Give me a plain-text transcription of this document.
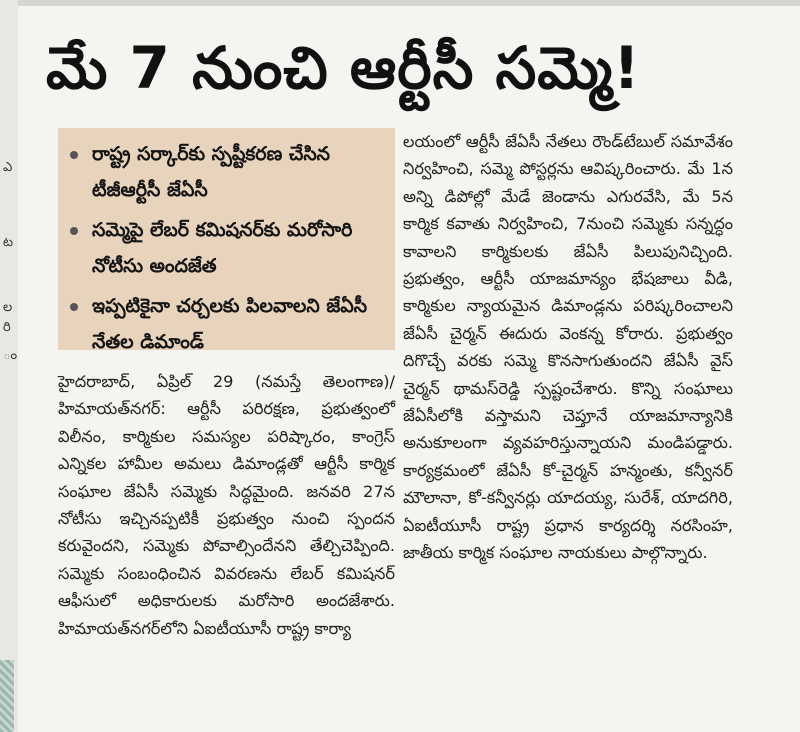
ఎ
ట
ల
రి
ం
మే 7 నుంచి ఆర్టీసీ సమ్మె!
రాష్ట్ర సర్కార్‌కు స్పష్టీకరణ చేసిన టీజీఆర్టీసీ జేఏసీ
సమ్మెపై లేబర్ కమిషనర్‌కు మరోసారి నోటీసు అందజేత
ఇప్పటికైనా చర్చలకు పిలవాలని జేఏసీ నేతల డిమాండ్

హైదరాబాద్, ఏప్రిల్ 29 (నమస్తే తెలంగాణ)/హిమాయత్‌నగర్: ఆర్టీసీ పరిరక్షణ, ప్రభుత్వంలో విలీనం, కార్మికుల సమస్యల పరిష్కారం, కాంగ్రెస్ ఎన్నికల హామీల అమలు డిమాండ్లతో ఆర్టీసీ కార్మిక సంఘాల జేఏసీ సమ్మెకు సిద్ధమైంది. జనవరి 27న నోటీసు ఇచ్చినప్పటికీ ప్రభుత్వం నుంచి స్పందన కరువైందని, సమ్మెకు పోవాల్సిందేనని తేల్చిచెప్పింది. సమ్మెకు సంబంధించిన వివరణను లేబర్ కమిషనర్ ఆఫీసులో అధికారులకు మరోసారి అందజేశారు. హిమాయత్‌నగర్‌లోని ఏఐటీయూసీ రాష్ట్ర కార్యా

లయంలో ఆర్టీసీ జేఏసీ నేతలు రౌండ్‌టేబుల్ సమావేశం నిర్వహించి, సమ్మె పోస్టర్లను ఆవిష్కరించారు. మే 1న అన్ని డిపోల్లో మేడే జెండాను ఎగురవేసి, మే 5న కార్మిక కవాతు నిర్వహించి, 7నుంచి సమ్మెకు సన్నద్ధం కావాలని కార్మికులకు జేఏసీ పిలుపునిచ్చింది. ప్రభుత్వం, ఆర్టీసీ యాజమాన్యం భేషజాలు వీడి, కార్మికుల న్యాయమైన డిమాండ్లను పరిష్కరించాలని జేఏసీ చైర్మన్ ఈదురు వెంకన్న కోరారు. ప్రభుత్వం దిగొచ్చే వరకు సమ్మె కొనసాగుతుందని జేఏసీ వైస్ చైర్మన్ థామస్‌రెడ్డి స్పష్టంచేశారు. కొన్ని సంఘాలు జేఏసీలోకి వస్తామని చెప్తూనే యాజమాన్యానికి అనుకూలంగా వ్యవహరిస్తున్నాయని మండిపడ్డారు. కార్యక్రమంలో జేఏసీ కో-చైర్మన్ హన్మంతు, కన్వీనర్ మౌలానా, కో-కన్వీనర్లు యాదయ్య, సురేశ్, యాదగిరి, ఏఐటీయూసీ రాష్ట్ర ప్రధాన కార్యదర్శి నరసింహ, జాతీయ కార్మిక సంఘాల నాయకులు పాల్గొన్నారు.
